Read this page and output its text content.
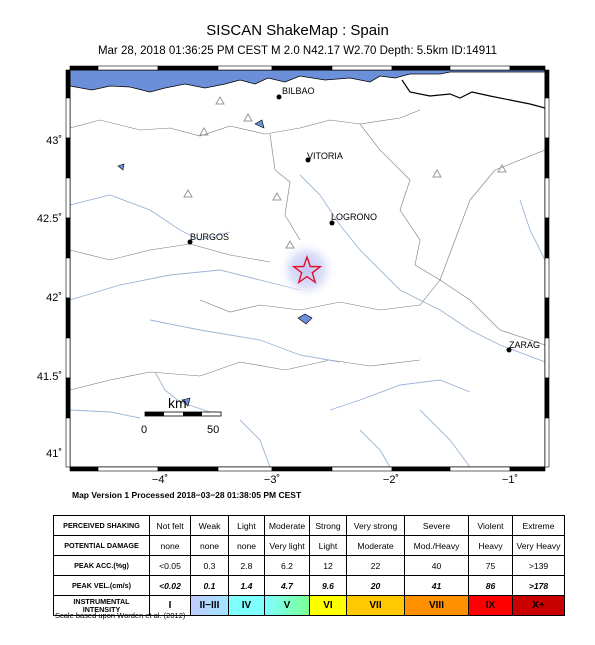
SISCAN ShakeMap : Spain
Mar 28, 2018 01:36:25 PM CEST M 2.0 N42.17 W2.70 Depth: 5.5km ID:14911
BILBAO
VITORIA
LOGRONO
BURGOS
ZARAG
km
0	50
43˚
42.5˚
42˚
41.5˚
41˚
−4˚	−3˚	−2˚	−1˚
Map Version 1 Processed 2018−03−28 01:38:05 PM CEST
PERCEIVED SHAKING	Not felt	Weak	Light	Moderate	Strong	Very strong	Severe	Violent	Extreme
POTENTIAL DAMAGE	none	none	none	Very light	Light	Moderate	Mod./Heavy	Heavy	Very Heavy
PEAK ACC.(%g)	<0.05	0.3	2.8	6.2	12	22	40	75	>139
PEAK VEL.(cm/s)	<0.02	0.1	1.4	4.7	9.6	20	41	86	>178
INSTRUMENTAL INTENSITY	I	II−III	IV	V	VI	VII	VIII	IX	X+
Scale based upon Worden et al. (2012)
